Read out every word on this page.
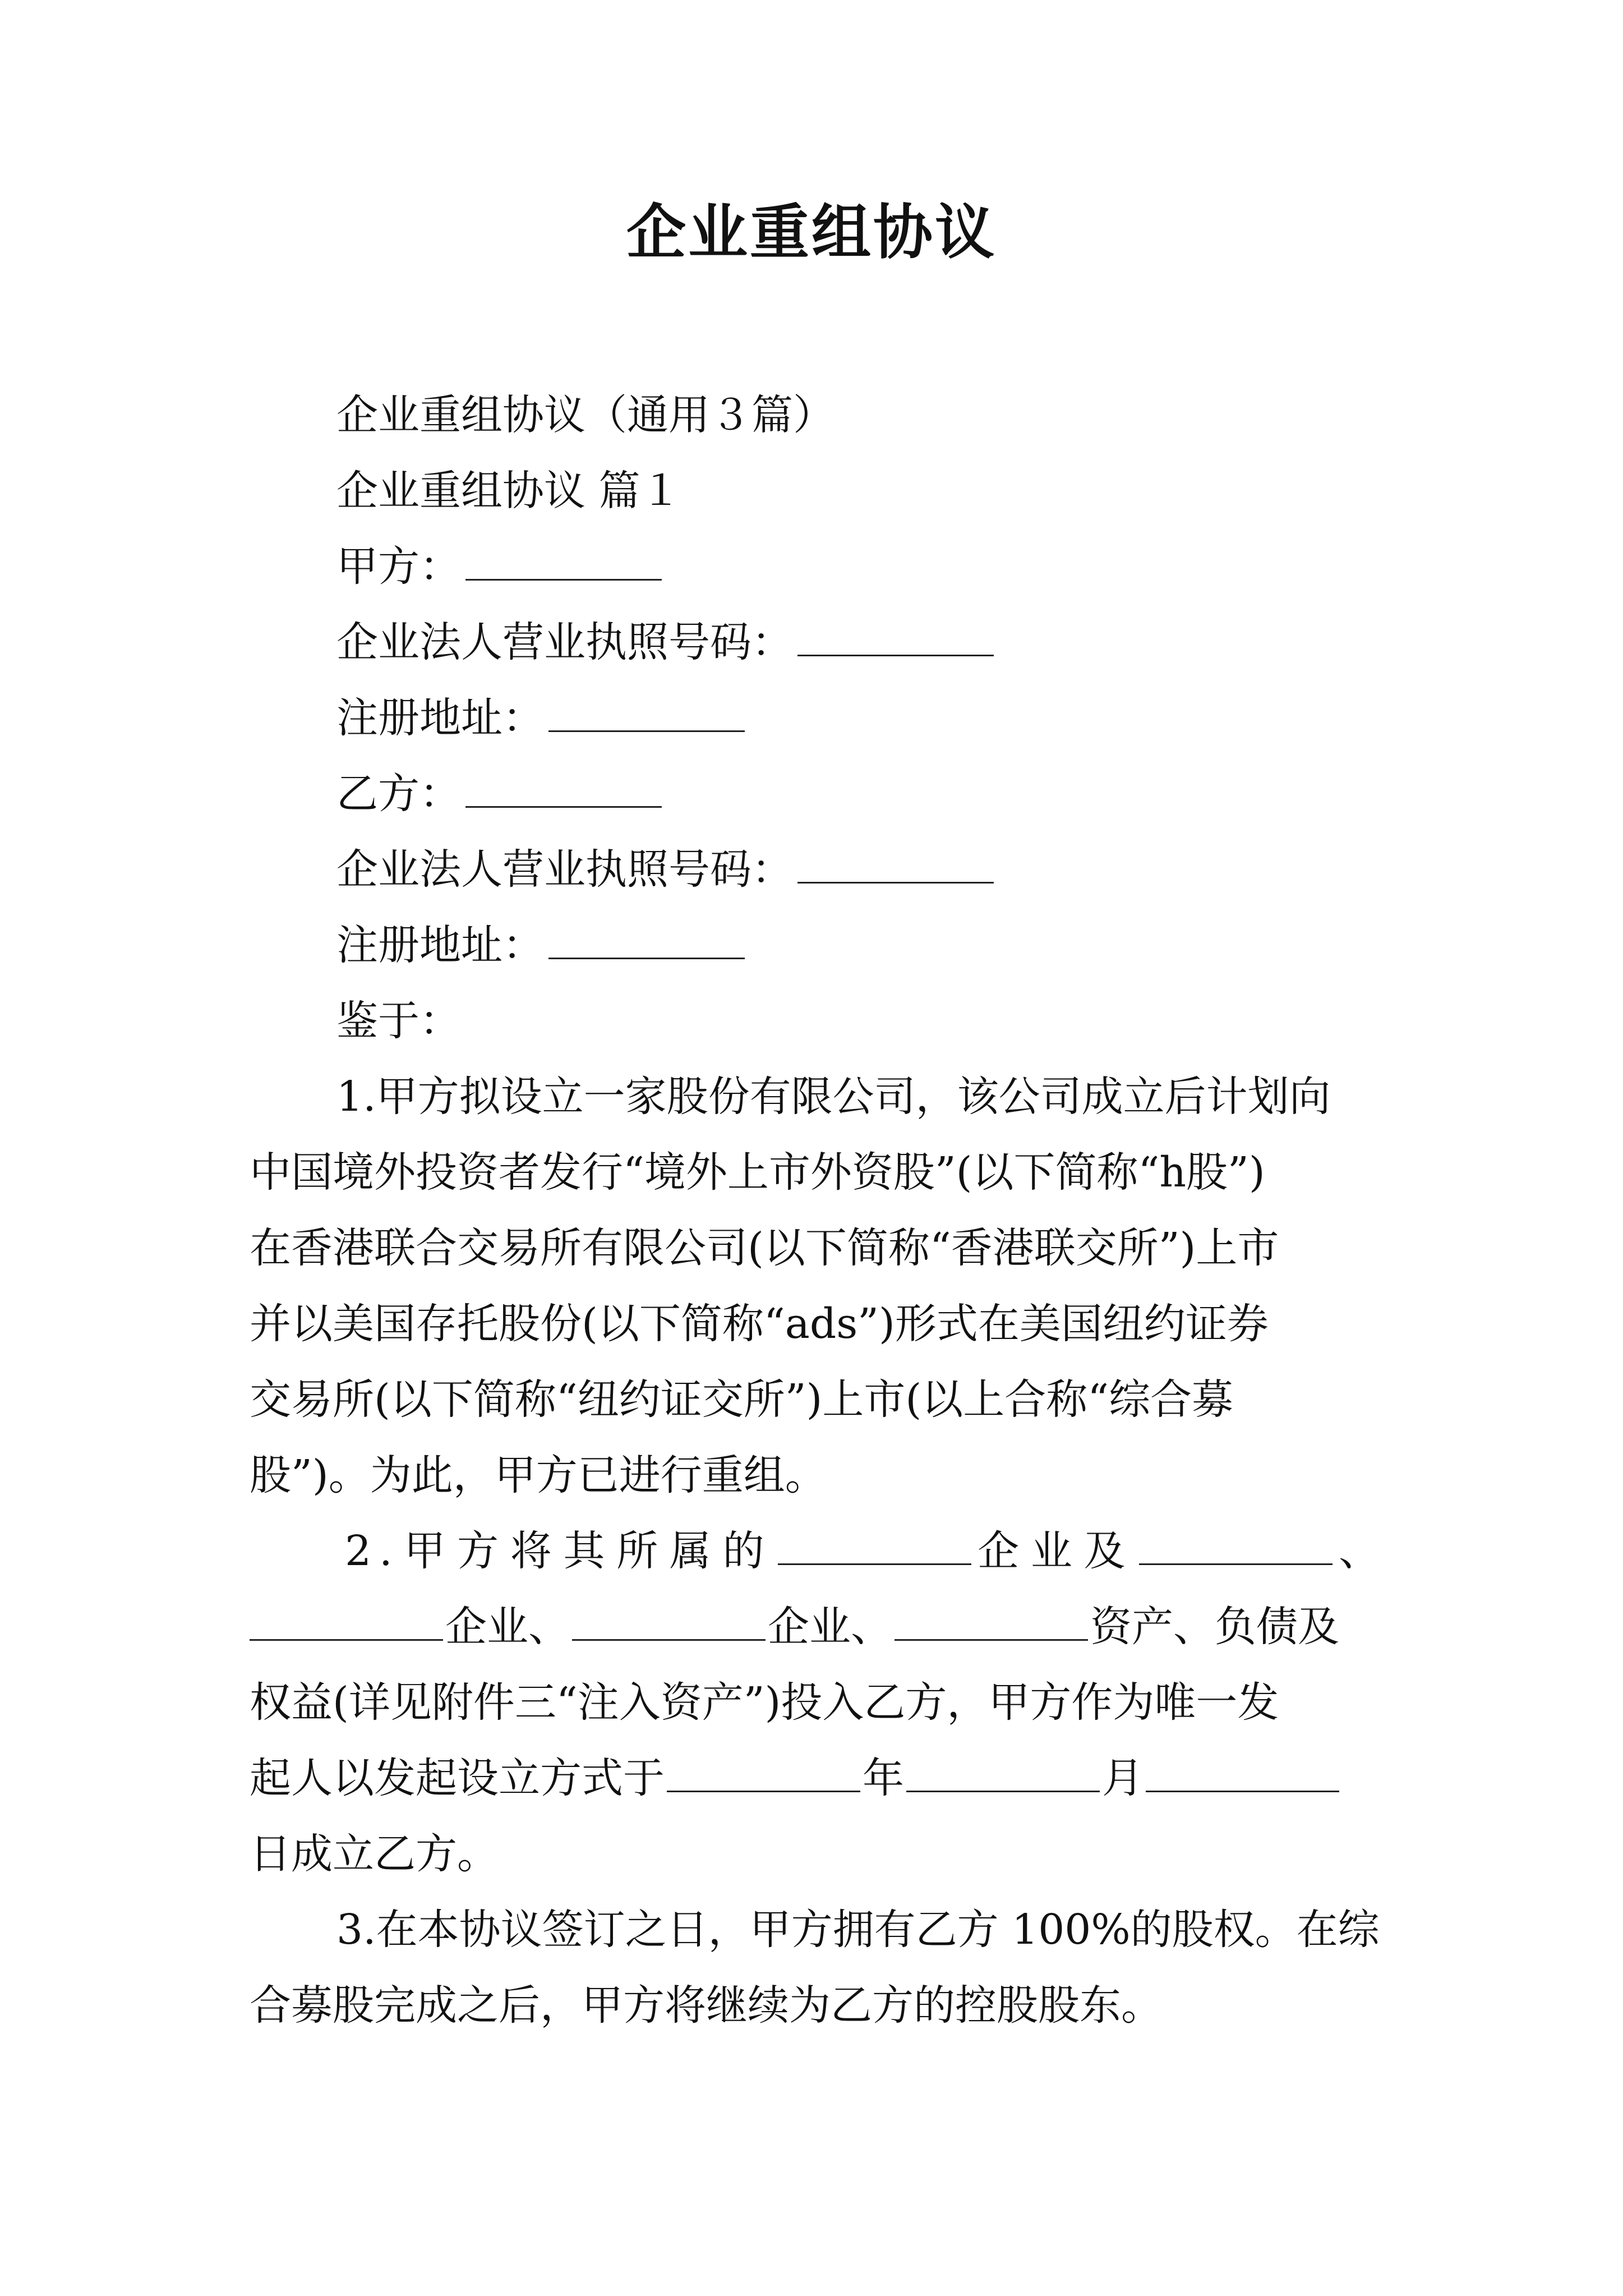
企业重组协议
企业重组协议（通用３篇）
企业重组协议 篇１
甲方：
企业法人营业执照号码：
注册地址：
乙方：
企业法人营业执照号码：
注册地址：
鉴于：
1.甲方拟设立一家股份有限公司，该公司成立后计划向
中国境外投资者发行“境外上市外资股”(以下简称“h股”)
在香港联合交易所有限公司(以下简称“香港联交所”)上市
并以美国存托股份(以下简称“ads”)形式在美国纽约证券
交易所(以下简称“纽约证交所”)上市(以上合称“综合募
股”)。为此，甲方已进行重组。
2.甲方将其所属的	企业及	、
企业、	企业、	资产、负债及
权益(详见附件三“注入资产”)投入乙方，甲方作为唯一发
起人以发起设立方式于	年	月
日成立乙方。
3.在本协议签订之日，甲方拥有乙方 100%的股权。在综
合募股完成之后，甲方将继续为乙方的控股股东。
